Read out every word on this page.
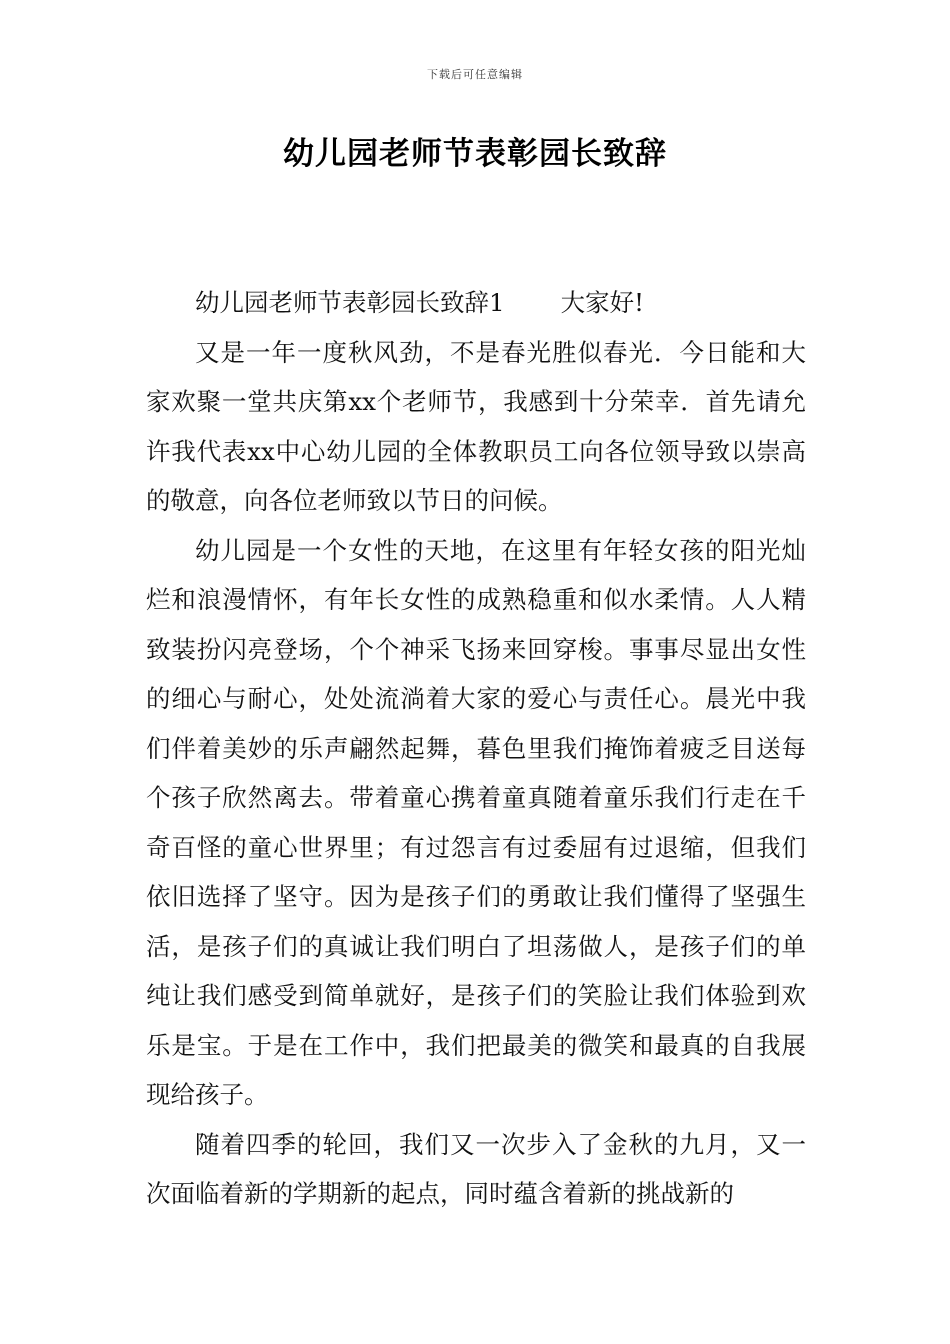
下载后可任意编辑
幼儿园老师节表彰园长致辞

幼儿园老师节表彰园长致辞1 大家好!

又是一年一度秋风劲，不是春光胜似春光．今日能和大家欢聚一堂共庆第xx个老师节，我感到十分荣幸．首先请允许我代表xx中心幼儿园的全体教职员工向各位领导致以崇高的敬意，向各位老师致以节日的问候。

幼儿园是一个女性的天地，在这里有年轻女孩的阳光灿烂和浪漫情怀，有年长女性的成熟稳重和似水柔情。人人精致装扮闪亮登场，个个神采飞扬来回穿梭。事事尽显出女性的细心与耐心，处处流淌着大家的爱心与责任心。晨光中我们伴着美妙的乐声翩然起舞，暮色里我们掩饰着疲乏目送每个孩子欣然离去。带着童心携着童真随着童乐我们行走在千奇百怪的童心世界里；有过怨言有过委屈有过退缩，但我们依旧选择了坚守。因为是孩子们的勇敢让我们懂得了坚强生活，是孩子们的真诚让我们明白了坦荡做人，是孩子们的单纯让我们感受到简单就好，是孩子们的笑脸让我们体验到欢乐是宝。于是在工作中，我们把最美的微笑和最真的自我展现给孩子。

随着四季的轮回，我们又一次步入了金秋的九月，又一次面临着新的学期新的起点，同时蕴含着新的挑战新的
